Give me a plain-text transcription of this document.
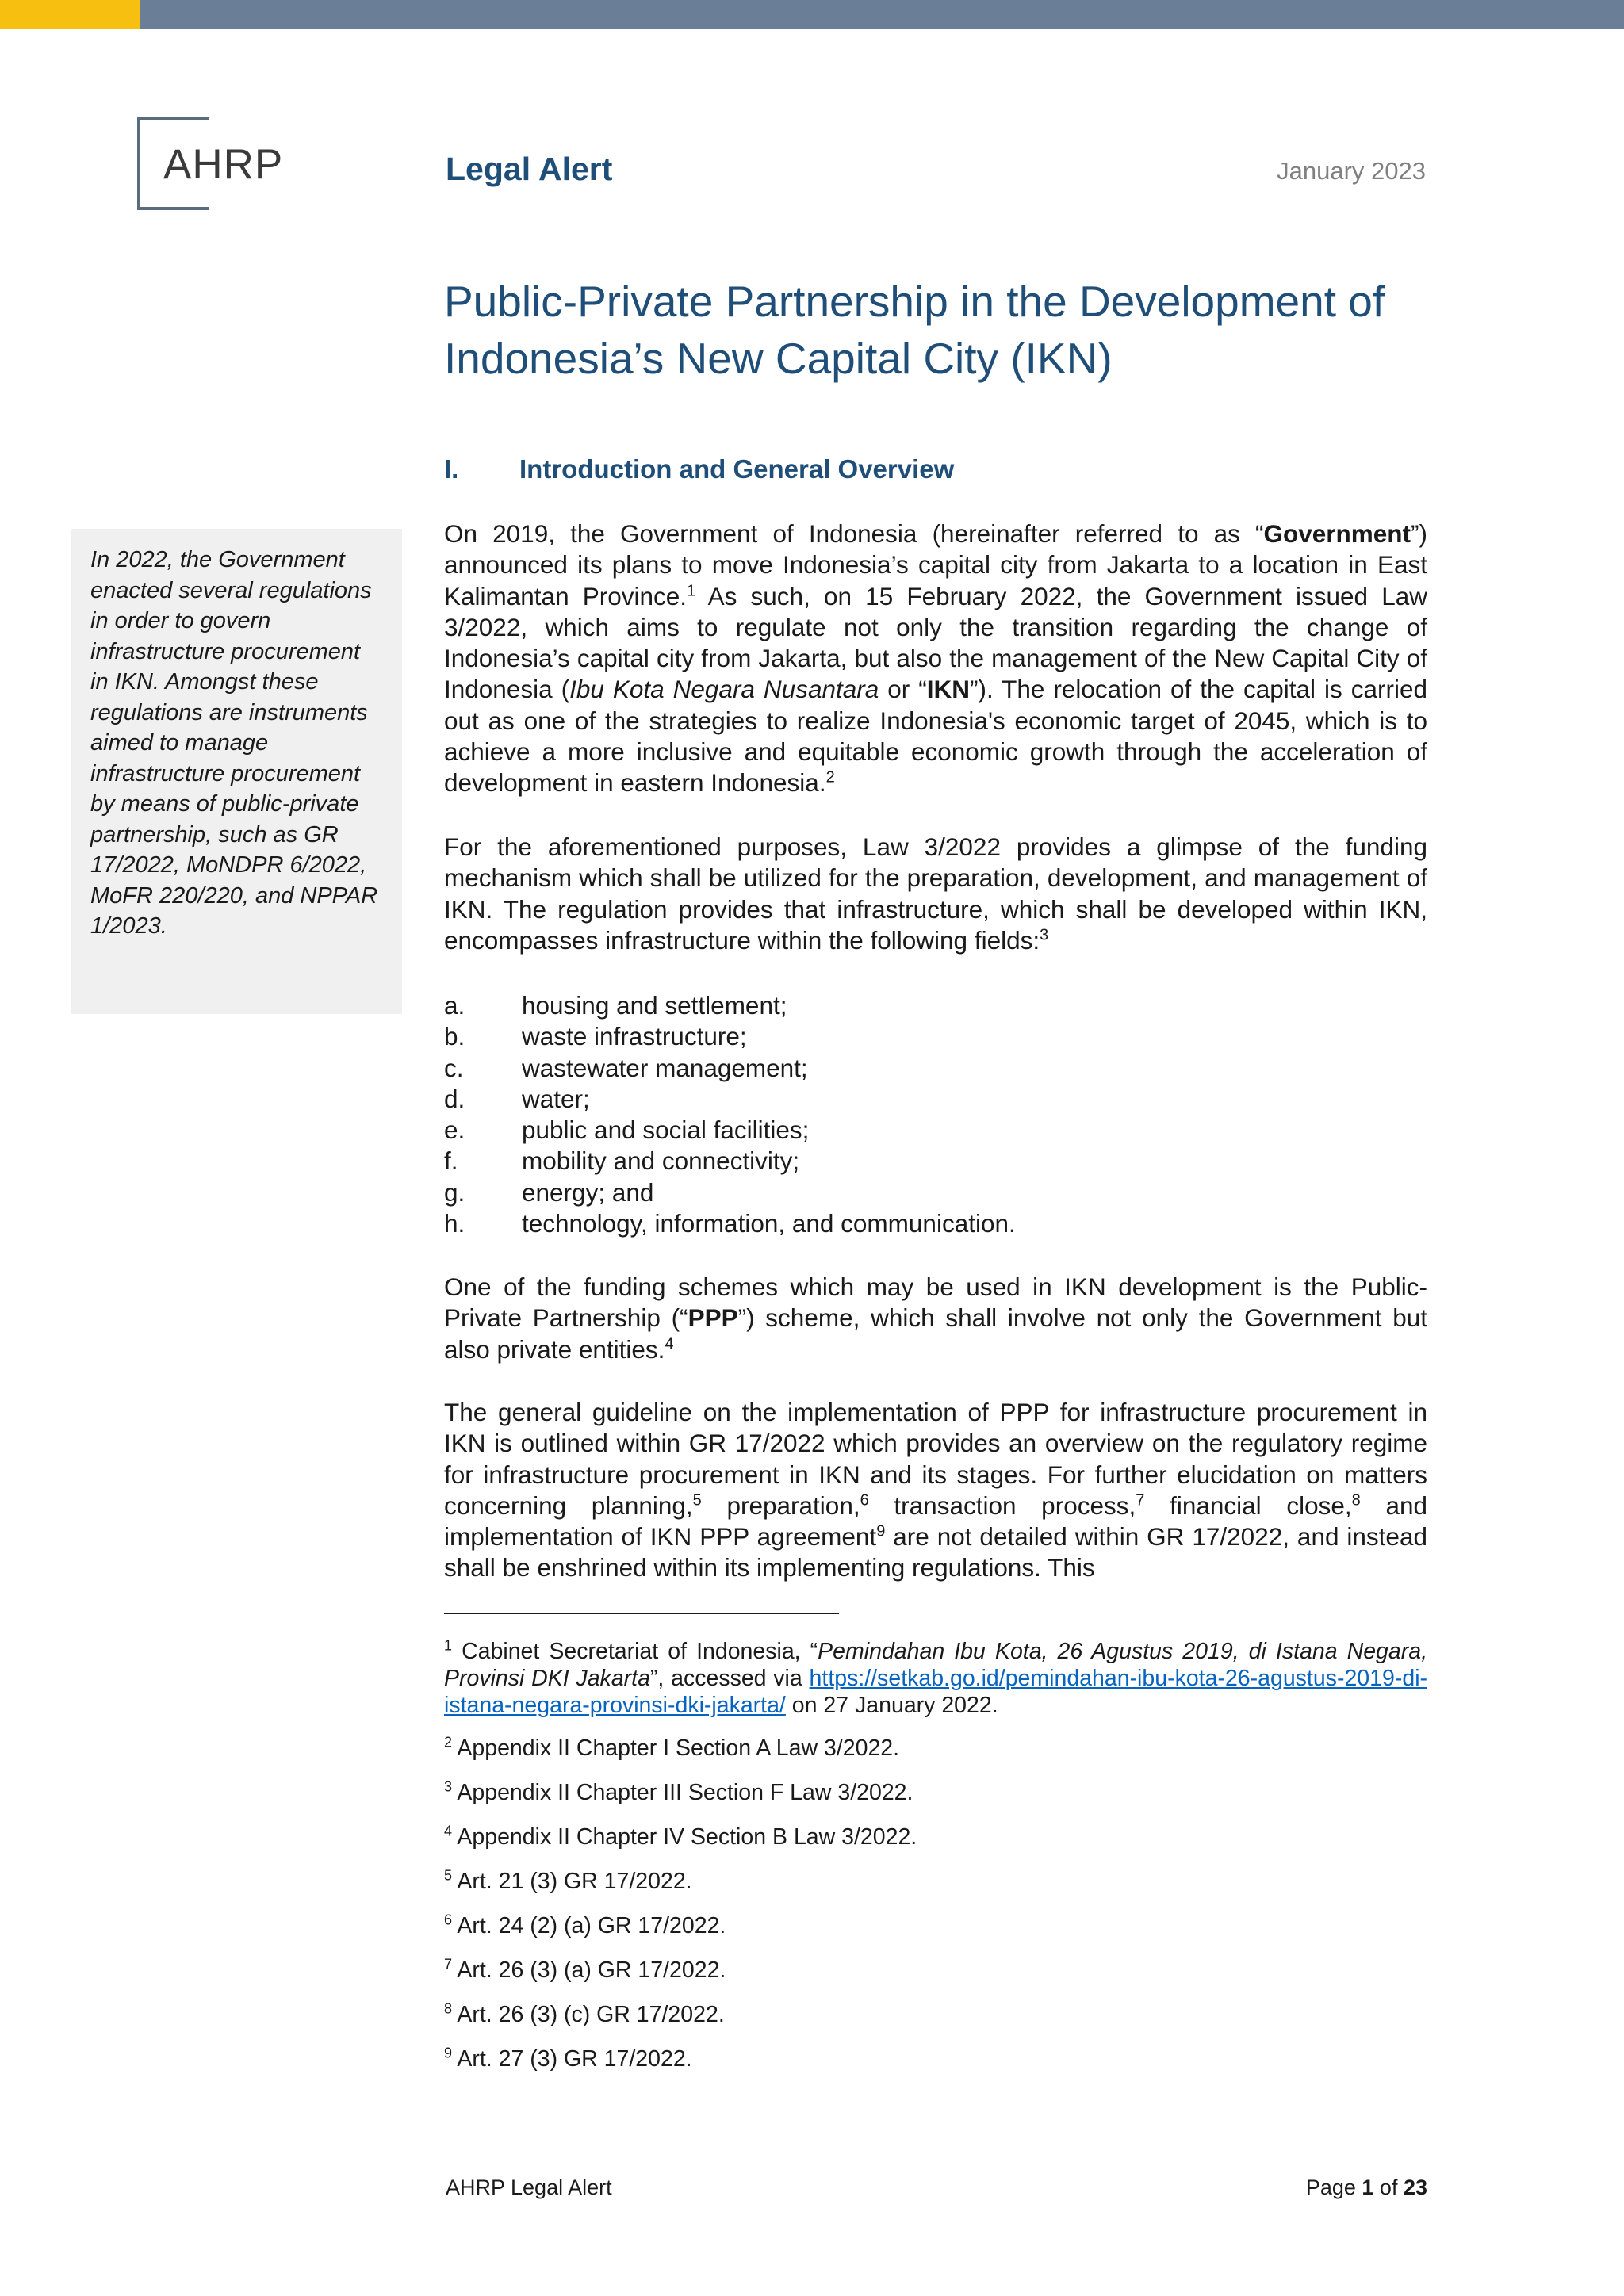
AHRP	Legal Alert	January 2023
Public-Private Partnership in the Development of Indonesia’s New Capital City (IKN)
I. Introduction and General Overview
In 2022, the Government enacted several regulations in order to govern infrastructure procurement in IKN. Amongst these regulations are instruments aimed to manage infrastructure procurement by means of public-private partnership, such as GR 17/2022, MoNDPR 6/2022, MoFR 220/220, and NPPAR 1/2023.

On 2019, the Government of Indonesia (hereinafter referred to as “Government”) announced its plans to move Indonesia’s capital city from Jakarta to a location in East Kalimantan Province.$^1$ As such, on 15 February 2022, the Government issued Law 3/2022, which aims to regulate not only the transition regarding the change of Indonesia’s capital city from Jakarta, but also the management of the New Capital City of Indonesia (Ibu Kota Negara Nusantara or “IKN”). The relocation of the capital is carried out as one of the strategies to realize Indonesia's economic target of 2045, which is to achieve a more inclusive and equitable economic growth through the acceleration of development in eastern Indonesia.$^2$

For the aforementioned purposes, Law 3/2022 provides a glimpse of the funding mechanism which shall be utilized for the preparation, development, and management of IKN. The regulation provides that infrastructure, which shall be developed within IKN, encompasses infrastructure within the following fields:$^3$

a.	housing and settlement;
b.	waste infrastructure;
c.	wastewater management;
d.	water;
e.	public and social facilities;
f.	mobility and connectivity;
g.	energy; and
h.	technology, information, and communication.

One of the funding schemes which may be used in IKN development is the Public-Private Partnership (“PPP”) scheme, which shall involve not only the Government but also private entities.$^4$

The general guideline on the implementation of PPP for infrastructure procurement in IKN is outlined within GR 17/2022 which provides an overview on the regulatory regime for infrastructure procurement in IKN and its stages. For further elucidation on matters concerning planning,$^5$ preparation,$^6$ transaction process,$^7$ financial close,$^8$ and implementation of IKN PPP agreement$^9$ are not detailed within GR 17/2022, and instead shall be enshrined within its implementing regulations. This

$^1$ Cabinet Secretariat of Indonesia, “Pemindahan Ibu Kota, 26 Agustus 2019, di Istana Negara, Provinsi DKI Jakarta”, accessed via https://setkab.go.id/pemindahan-ibu-kota-26-agustus-2019-di-istana-negara-provinsi-dki-jakarta/ on 27 January 2022.

$^2$ Appendix II Chapter I Section A Law 3/2022.

$^3$ Appendix II Chapter III Section F Law 3/2022.

$^4$ Appendix II Chapter IV Section B Law 3/2022.

$^5$ Art. 21 (3) GR 17/2022.

$^6$ Art. 24 (2) (a) GR 17/2022.

$^7$ Art. 26 (3) (a) GR 17/2022.

$^8$ Art. 26 (3) (c) GR 17/2022.

$^9$ Art. 27 (3) GR 17/2022.

AHRP Legal Alert	Page 1 of 23
